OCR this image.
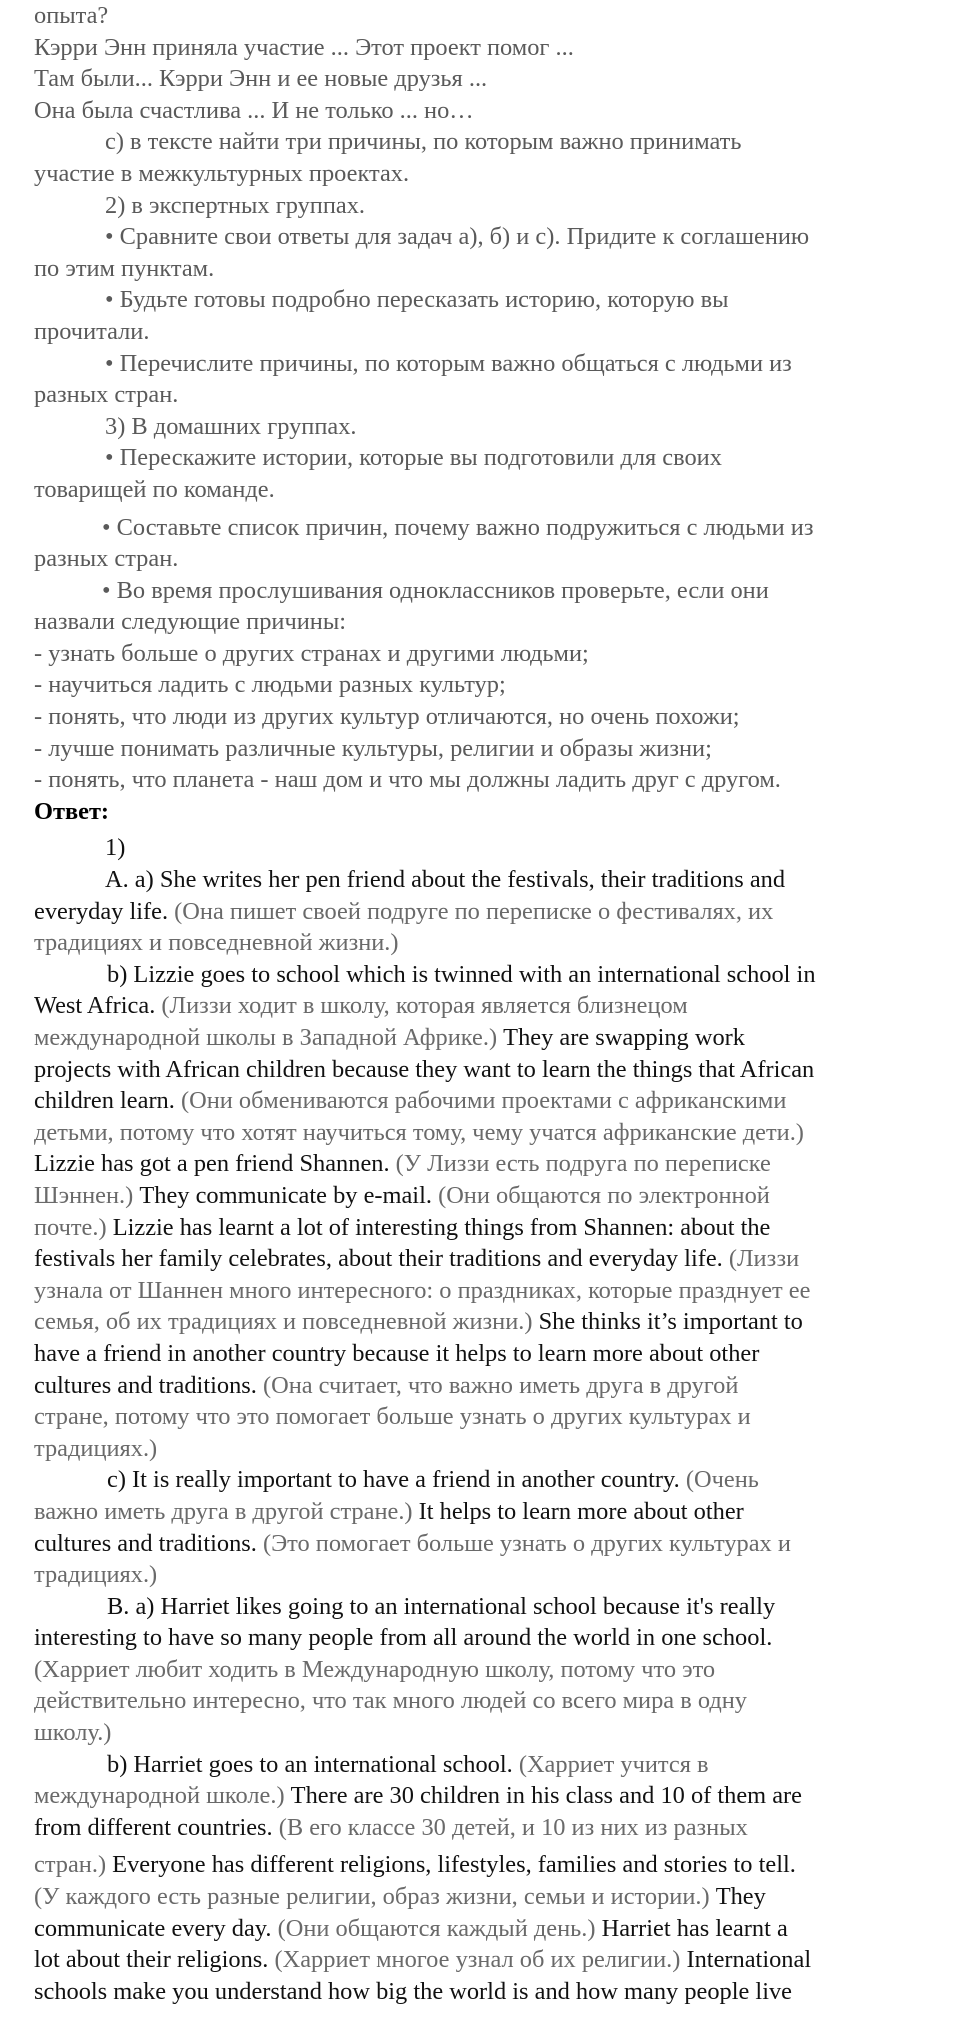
опыта?
Кэрри Энн приняла участие ... Этот проект помог ...
Там были... Кэрри Энн и ее новые друзья ...
Она была счастлива ... И не только ... но…
с) в тексте найти три причины, по которым важно принимать
участие в межкультурных проектах.
2) в экспертных группах.
• Сравните свои ответы для задач а), б) и с). Придите к соглашению
по этим пунктам.
• Будьте готовы подробно пересказать историю, которую вы
прочитали.
• Перечислите причины, по которым важно общаться с людьми из
разных стран.
3) В домашних группах.
• Перескажите истории, которые вы подготовили для своих
товарищей по команде.
• Составьте список причин, почему важно подружиться с людьми из
разных стран.
• Во время прослушивания одноклассников проверьте, если они
назвали следующие причины:
- узнать больше о других странах и другими людьми;
- научиться ладить с людьми разных культур;
- понять, что люди из других культур отличаются, но очень похожи;
- лучше понимать различные культуры, религии и образы жизни;
- понять, что планета - наш дом и что мы должны ладить друг с другом.
Ответ:
1)
A. a) She writes her pen friend about the festivals, their traditions and
everyday life. (Она пишет своей подруге по переписке о фестивалях, их
традициях и повседневной жизни.)
b) Lizzie goes to school which is twinned with an international school in
West Africa. (Лиззи ходит в школу, которая является близнецом
международной школы в Западной Африке.) They are swapping work
projects with African children because they want to learn the things that African
children learn. (Они обмениваются рабочими проектами с африканскими
детьми, потому что хотят научиться тому, чему учатся африканские дети.)
Lizzie has got a pen friend Shannen. (У Лиззи есть подруга по переписке
Шэннен.) They communicate by e-mail. (Они общаются по электронной
почте.) Lizzie has learnt a lot of interesting things from Shannen: about the
festivals her family celebrates, about their traditions and everyday life. (Лиззи
узнала от Шаннен много интересного: о праздниках, которые празднует ее
семья, об их традициях и повседневной жизни.) She thinks it’s important to
have a friend in another country because it helps to learn more about other
cultures and traditions. (Она считает, что важно иметь друга в другой
стране, потому что это помогает больше узнать о других культурах и
традициях.)
c) It is really important to have a friend in another country. (Очень
важно иметь друга в другой стране.) It helps to learn more about other
cultures and traditions. (Это помогает больше узнать о других культурах и
традициях.)
B. a) Harriet likes going to an international school because it's really
interesting to have so many people from all around the world in one school.
(Харриет любит ходить в Международную школу, потому что это
действительно интересно, что так много людей со всего мира в одну
школу.)
b) Harriet goes to an international school. (Харриет учится в
международной школе.) There are 30 children in his class and 10 of them are
from different countries. (В его классе 30 детей, и 10 из них из разных
стран.) Everyone has different religions, lifestyles, families and stories to tell.
(У каждого есть разные религии, образ жизни, семьи и истории.) They
communicate every day. (Они общаются каждый день.) Harriet has learnt a
lot about their religions. (Харриет многое узнал об их религии.) International
schools make you understand how big the world is and how many people live
